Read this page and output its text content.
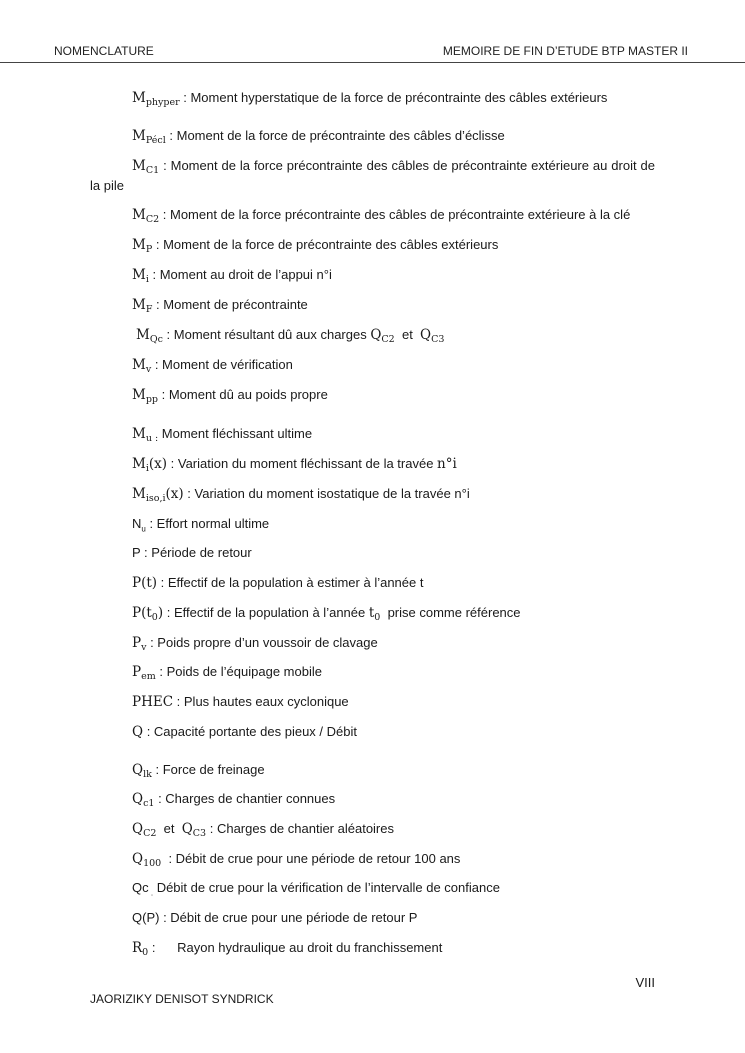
NOMENCLATURE	MEMOIRE DE FIN D’ETUDE BTP MASTER II
$M_{phyper}$ : Moment hyperstatique de la force de précontrainte des câbles extérieurs
$M_{Pécl}$ : Moment de la force de précontrainte des câbles d’éclisse
$M_{C1}$ : Moment de la force précontrainte des câbles de précontrainte extérieure au droit de la pile
$M_{C2}$ : Moment de la force précontrainte des câbles de précontrainte extérieure à la clé
$M_P$ : Moment de la force de précontrainte des câbles extérieurs
$M_i$ : Moment au droit de l’appui n°i
$M_F$ : Moment de précontrainte
$M_{Qc}$ : Moment résultant dû aux charges $Q_{C2}$  et  $Q_{C3}$
$M_v$ : Moment de vérification
$M_{pp}$ : Moment dû au poids propre
$M_{u :}$ Moment fléchissant ultime
$M_i(x)$ : Variation du moment fléchissant de la travée n°i
$M_{iso,i}(x)$ : Variation du moment isostatique de la travée n°i
$N_u$ : Effort normal ultime
P : Période de retour
P(t) : Effectif de la population à estimer à l’année t
$P(t_0)$ : Effectif de la population à l’année $t_0$  prise comme référence
$P_v$ : Poids propre d’un voussoir de clavage
$P_{em}$ : Poids de l’équipage mobile
PHEC : Plus hautes eaux cyclonique
Q : Capacité portante des pieux / Débit
$Q_{lk}$ : Force de freinage
$Q_{c1}$ : Charges de chantier connues
$Q_{C2}$  et  $Q_{C3}$ : Charges de chantier aléatoires
$Q_{100}$  : Débit de crue pour une période de retour 100 ans
Qc $_.$ Débit de crue pour la vérification de l’intervalle de confiance
Q(P) : Débit de crue pour une période de retour P
$R_0$ :      Rayon hydraulique au droit du franchissement
VIII
JAORIZIKY DENISOT SYNDRICK
